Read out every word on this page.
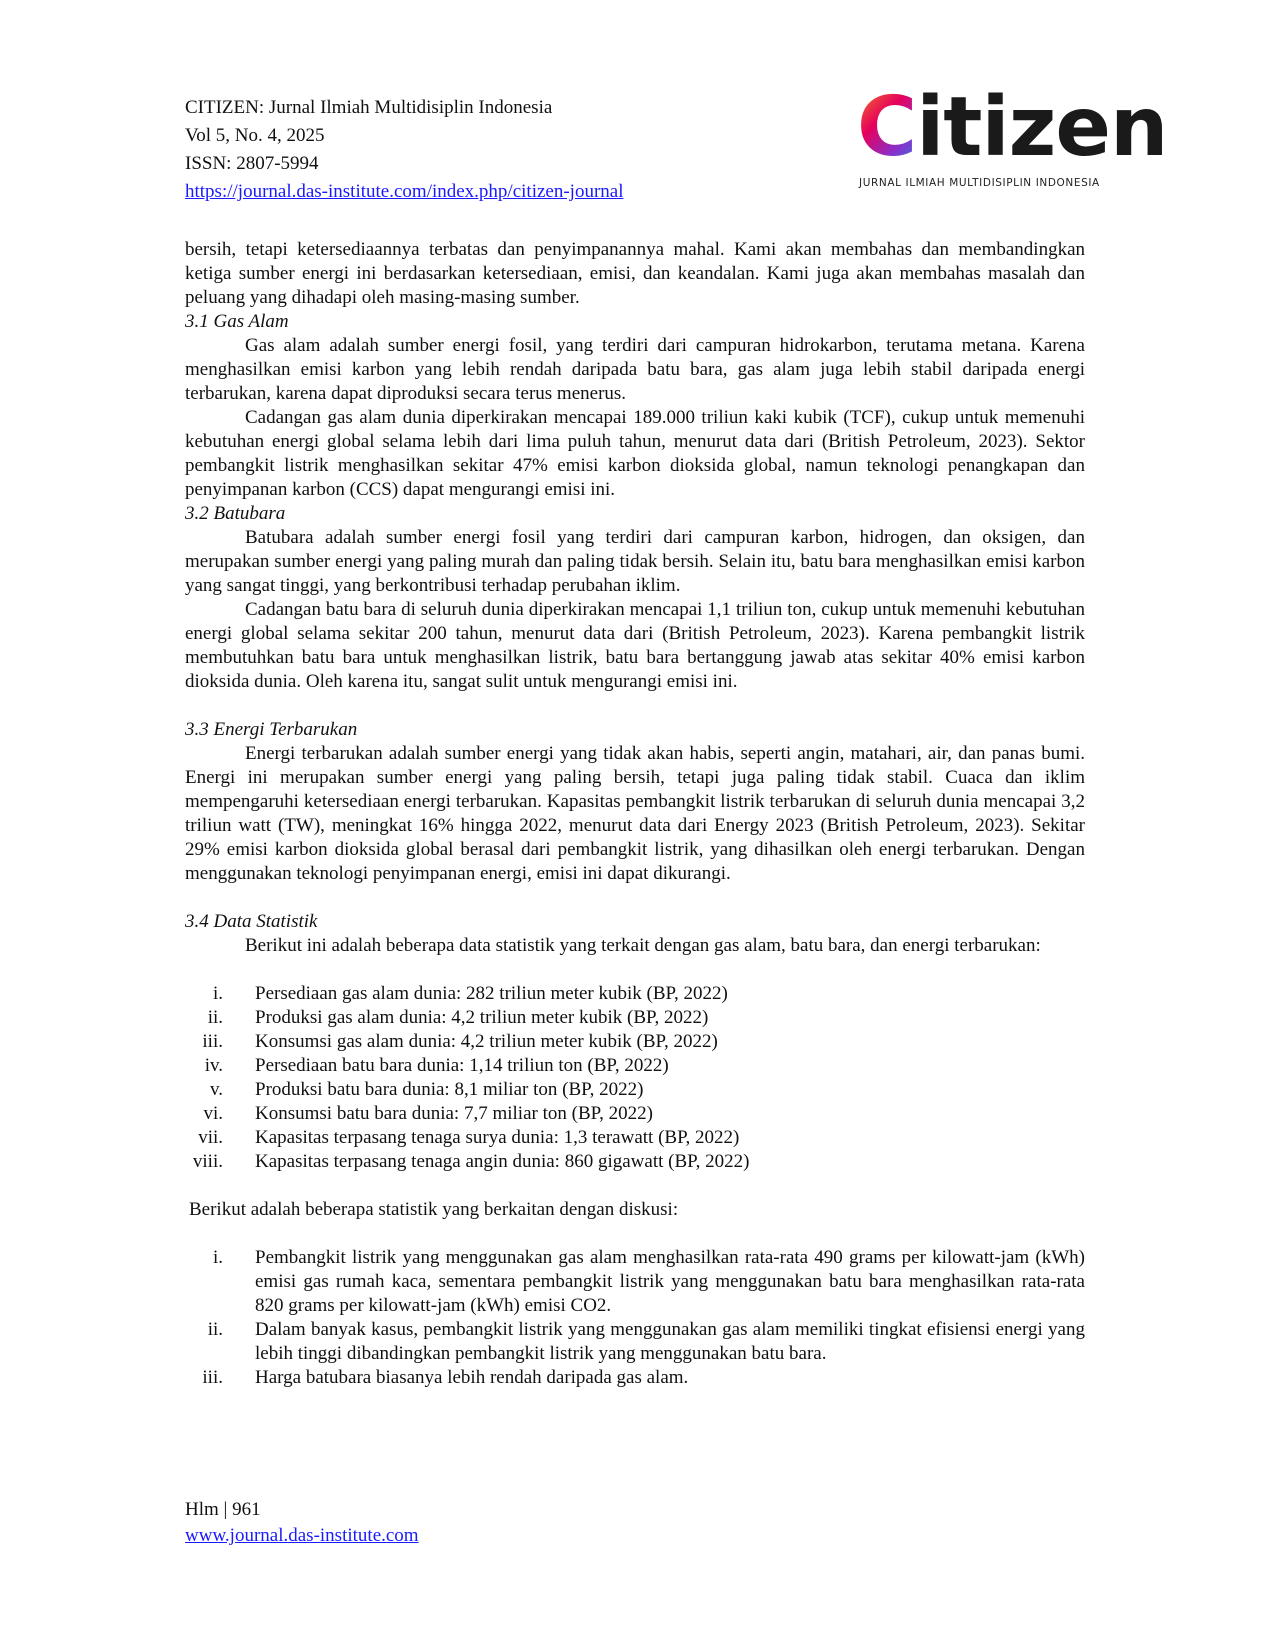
CITIZEN: Jurnal Ilmiah Multidisiplin Indonesia
Vol 5, No. 4, 2025
ISSN: 2807-5994
https://journal.das-institute.com/index.php/citizen-journal
Citizen
JURNAL ILMIAH MULTIDISIPLIN INDONESIA

bersih, tetapi ketersediaannya terbatas dan penyimpanannya mahal. Kami akan membahas dan membandingkan ketiga sumber energi ini berdasarkan ketersediaan, emisi, dan keandalan. Kami juga akan membahas masalah dan peluang yang dihadapi oleh masing-masing sumber.

3.1 Gas Alam

Gas alam adalah sumber energi fosil, yang terdiri dari campuran hidrokarbon, terutama metana. Karena menghasilkan emisi karbon yang lebih rendah daripada batu bara, gas alam juga lebih stabil daripada energi terbarukan, karena dapat diproduksi secara terus menerus.

Cadangan gas alam dunia diperkirakan mencapai 189.000 triliun kaki kubik (TCF), cukup untuk memenuhi kebutuhan energi global selama lebih dari lima puluh tahun, menurut data dari (British Petroleum, 2023). Sektor pembangkit listrik menghasilkan sekitar 47% emisi karbon dioksida global, namun teknologi penangkapan dan penyimpanan karbon (CCS) dapat mengurangi emisi ini.

3.2 Batubara

Batubara adalah sumber energi fosil yang terdiri dari campuran karbon, hidrogen, dan oksigen, dan merupakan sumber energi yang paling murah dan paling tidak bersih. Selain itu, batu bara menghasilkan emisi karbon yang sangat tinggi, yang berkontribusi terhadap perubahan iklim.

Cadangan batu bara di seluruh dunia diperkirakan mencapai 1,1 triliun ton, cukup untuk memenuhi kebutuhan energi global selama sekitar 200 tahun, menurut data dari (British Petroleum, 2023). Karena pembangkit listrik membutuhkan batu bara untuk menghasilkan listrik, batu bara bertanggung jawab atas sekitar 40% emisi karbon dioksida dunia. Oleh karena itu, sangat sulit untuk mengurangi emisi ini.

3.3 Energi Terbarukan

Energi terbarukan adalah sumber energi yang tidak akan habis, seperti angin, matahari, air, dan panas bumi. Energi ini merupakan sumber energi yang paling bersih, tetapi juga paling tidak stabil. Cuaca dan iklim mempengaruhi ketersediaan energi terbarukan. Kapasitas pembangkit listrik terbarukan di seluruh dunia mencapai 3,2 triliun watt (TW), meningkat 16% hingga 2022, menurut data dari Energy 2023 (British Petroleum, 2023). Sekitar 29% emisi karbon dioksida global berasal dari pembangkit listrik, yang dihasilkan oleh energi terbarukan. Dengan menggunakan teknologi penyimpanan energi, emisi ini dapat dikurangi.

3.4 Data Statistik

Berikut ini adalah beberapa data statistik yang terkait dengan gas alam, batu bara, dan energi terbarukan:

i. Persediaan gas alam dunia: 282 triliun meter kubik (BP, 2022)
ii. Produksi gas alam dunia: 4,2 triliun meter kubik (BP, 2022)
iii. Konsumsi gas alam dunia: 4,2 triliun meter kubik (BP, 2022)
iv. Persediaan batu bara dunia: 1,14 triliun ton (BP, 2022)
v. Produksi batu bara dunia: 8,1 miliar ton (BP, 2022)
vi. Konsumsi batu bara dunia: 7,7 miliar ton (BP, 2022)
vii. Kapasitas terpasang tenaga surya dunia: 1,3 terawatt (BP, 2022)
viii. Kapasitas terpasang tenaga angin dunia: 860 gigawatt (BP, 2022)

Berikut adalah beberapa statistik yang berkaitan dengan diskusi:

i. Pembangkit listrik yang menggunakan gas alam menghasilkan rata-rata 490 grams per kilowatt-jam (kWh) emisi gas rumah kaca, sementara pembangkit listrik yang menggunakan batu bara menghasilkan rata-rata 820 grams per kilowatt-jam (kWh) emisi CO2.
ii. Dalam banyak kasus, pembangkit listrik yang menggunakan gas alam memiliki tingkat efisiensi energi yang lebih tinggi dibandingkan pembangkit listrik yang menggunakan batu bara.
iii. Harga batubara biasanya lebih rendah daripada gas alam.
Hlm | 961
www.journal.das-institute.com
